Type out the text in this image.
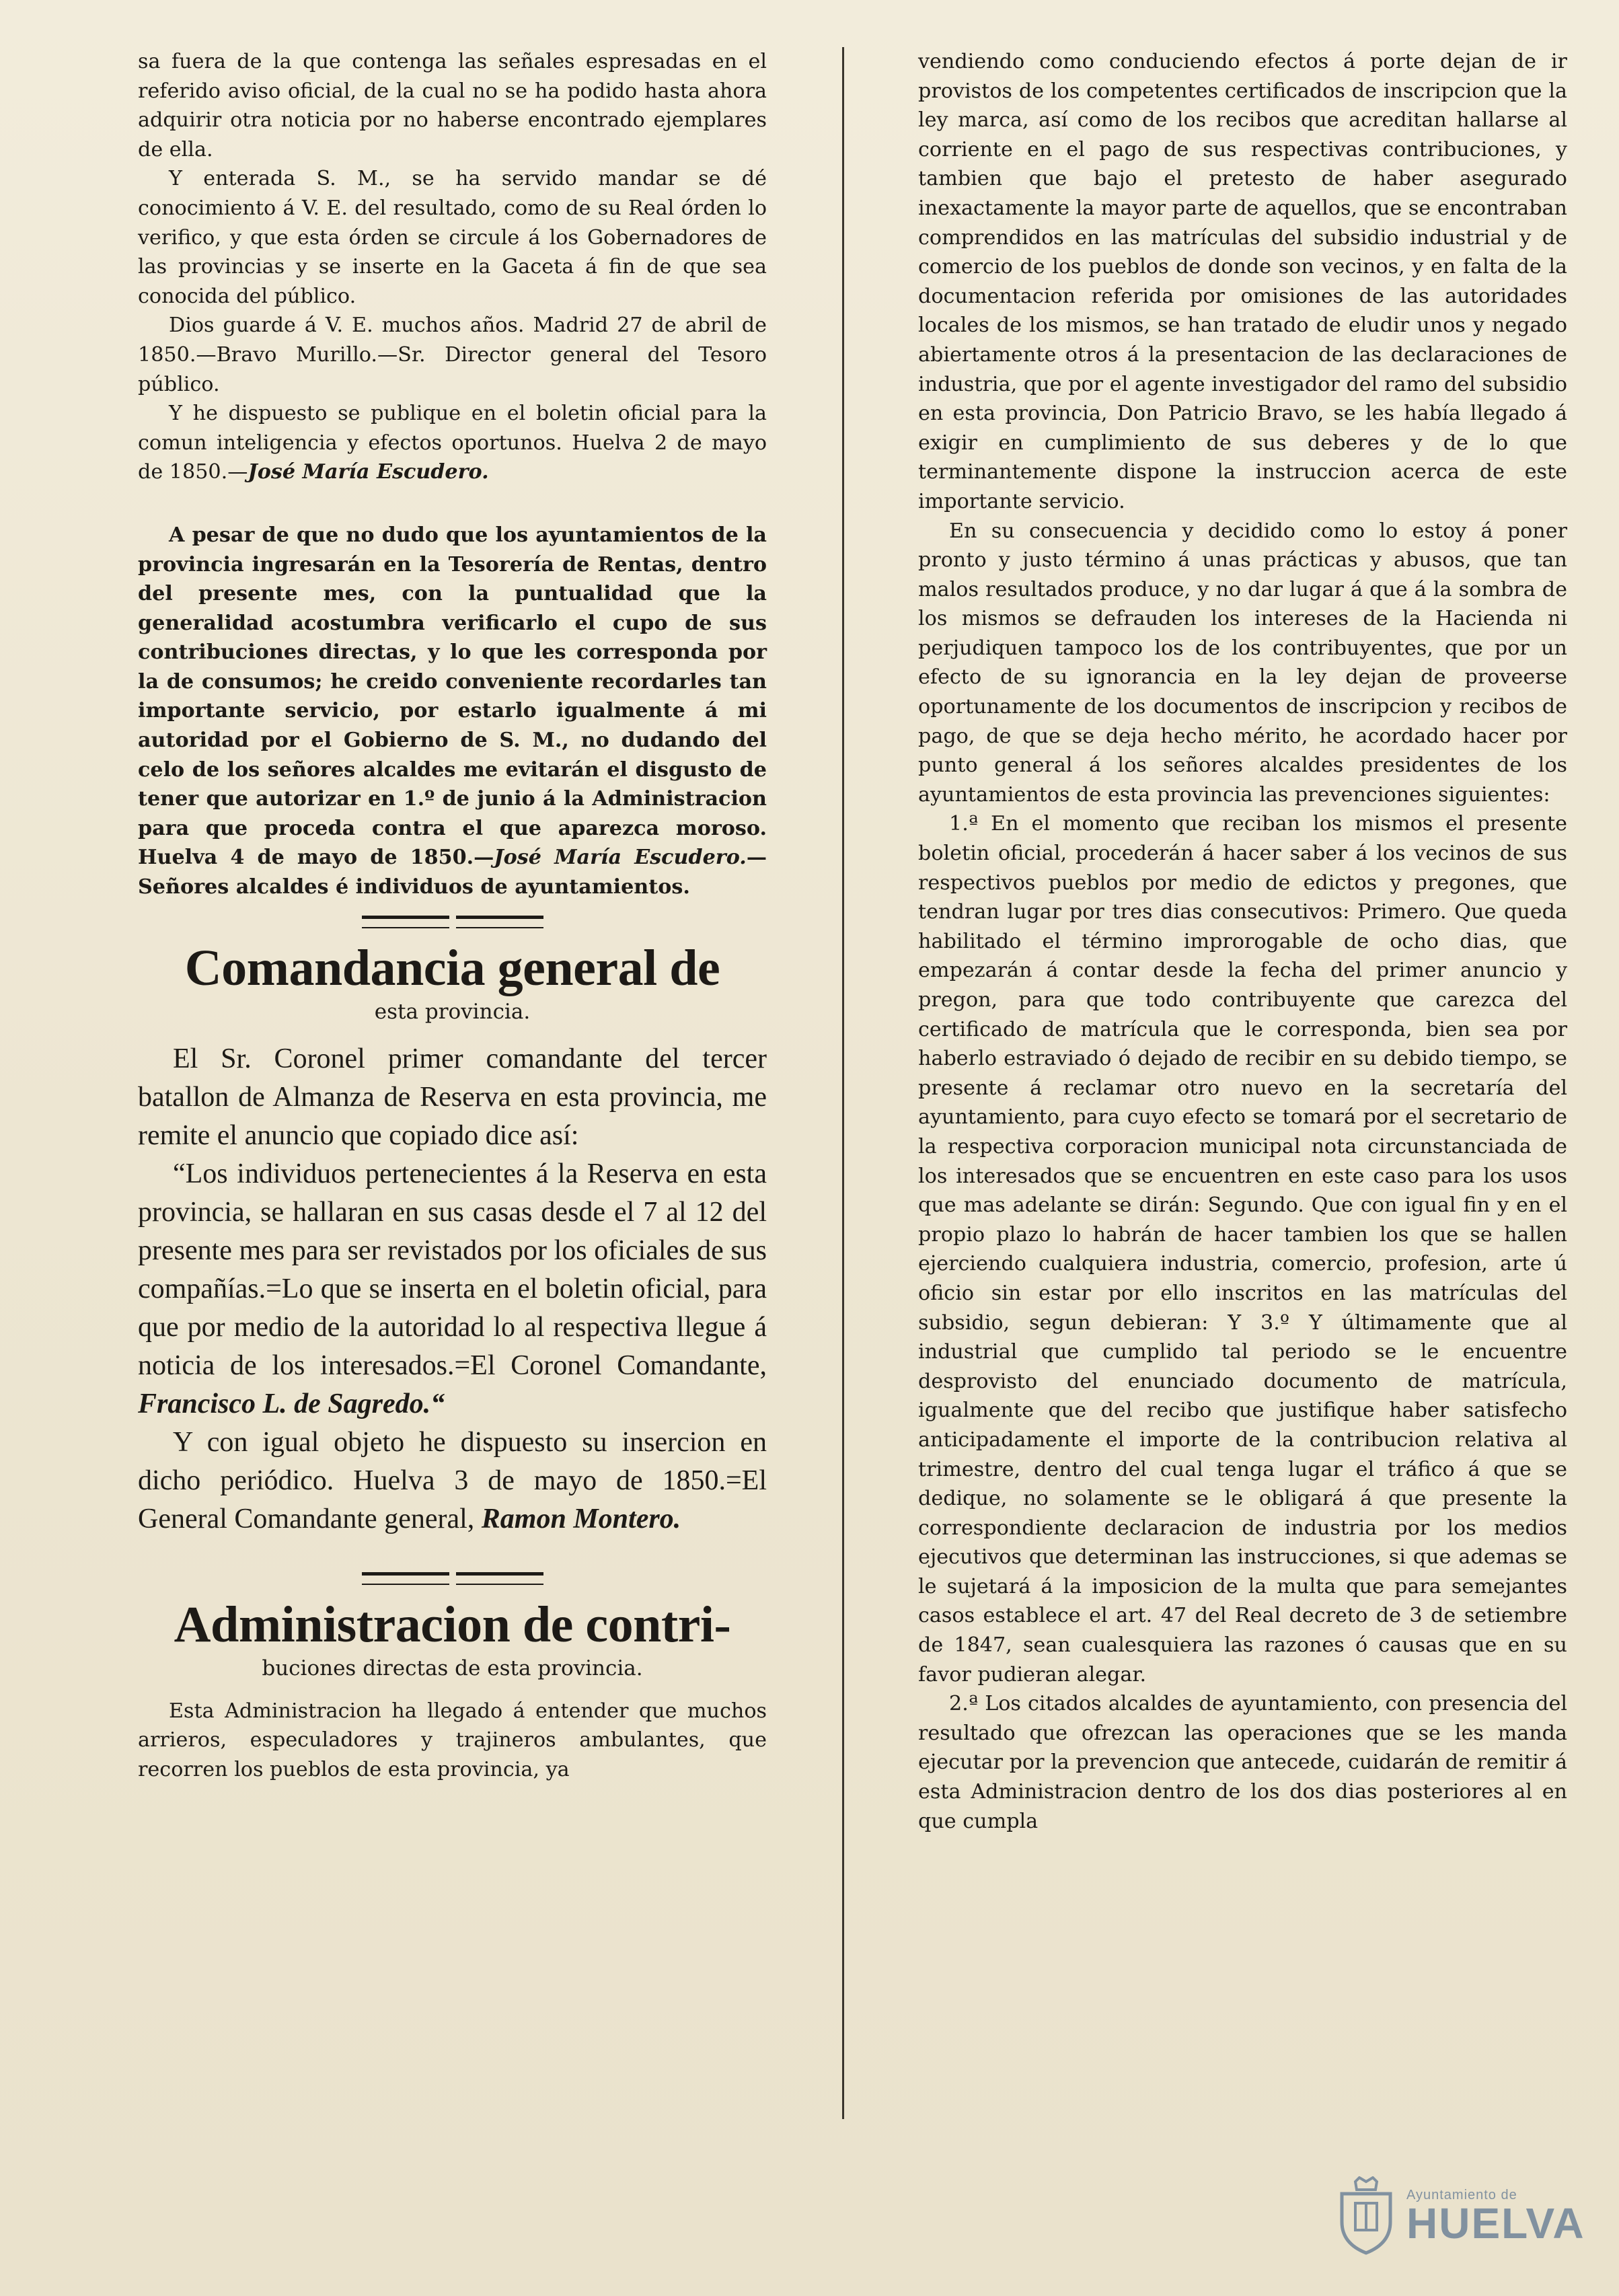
sa fuera de la que contenga las señales espresadas en el referido aviso oficial, de la cual no se ha podido hasta ahora adquirir otra noticia por no haberse encontrado ejemplares de ella.

Y enterada S. M., se ha servido mandar se dé conocimiento á V. E. del resultado, como de su Real órden lo verifico, y que esta órden se circule á los Gobernadores de las provincias y se inserte en la Gaceta á fin de que sea conocida del público.

Dios guarde á V. E. muchos años. Madrid 27 de abril de 1850.—Bravo Murillo.—Sr. Director general del Tesoro público.

Y he dispuesto se publique en el boletin oficial para la comun inteligencia y efectos oportunos. Huelva 2 de mayo de 1850.—José María Escudero.

A pesar de que no dudo que los ayuntamientos de la provincia ingresarán en la Tesorería de Rentas, dentro del presente mes, con la puntualidad que la generalidad acostumbra verificarlo el cupo de sus contribuciones directas, y lo que les corresponda por la de consumos; he creido conveniente recordarles tan importante servicio, por estarlo igualmente á mi autoridad por el Gobierno de S. M., no dudando del celo de los señores alcaldes me evitarán el disgusto de tener que autorizar en 1.º de junio á la Administracion para que proceda contra el que aparezca moroso. Huelva 4 de mayo de 1850.—José María Escudero.—Señores alcaldes é individuos de ayuntamientos.

Comandancia general de

esta provincia.

El Sr. Coronel primer comandante del tercer batallon de Almanza de Reserva en esta provincia, me remite el anuncio que copiado dice así:

“Los individuos pertenecientes á la Reserva en esta provincia, se hallaran en sus casas desde el 7 al 12 del presente mes para ser revistados por los oficiales de sus compañías.=Lo que se inserta en el boletin oficial, para que por medio de la autoridad lo al respectiva llegue á noticia de los interesados.=El Coronel Comandante, Francisco L. de Sagredo.“

Y con igual objeto he dispuesto su insercion en dicho periódico. Huelva 3 de mayo de 1850.=El General Comandante general, Ramon Montero.

Administracion de contri-

buciones directas de esta provincia.

Esta Administracion ha llegado á entender que muchos arrieros, especuladores y trajineros ambulantes, que recorren los pueblos de esta provincia, ya

vendiendo como conduciendo efectos á porte dejan de ir provistos de los competentes certificados de inscripcion que la ley marca, así como de los recibos que acreditan hallarse al corriente en el pago de sus respectivas contribuciones, y tambien que bajo el pretesto de haber asegurado inexactamente la mayor parte de aquellos, que se encontraban comprendidos en las matrículas del subsidio industrial y de comercio de los pueblos de donde son vecinos, y en falta de la documentacion referida por omisiones de las autoridades locales de los mismos, se han tratado de eludir unos y negado abiertamente otros á la presentacion de las declaraciones de industria, que por el agente investigador del ramo del subsidio en esta provincia, Don Patricio Bravo, se les había llegado á exigir en cumplimiento de sus deberes y de lo que terminantemente dispone la instruccion acerca de este importante servicio.

En su consecuencia y decidido como lo estoy á poner pronto y justo término á unas prácticas y abusos, que tan malos resultados produce, y no dar lugar á que á la sombra de los mismos se defrauden los intereses de la Hacienda ni perjudiquen tampoco los de los contribuyentes, que por un efecto de su ignorancia en la ley dejan de proveerse oportunamente de los documentos de inscripcion y recibos de pago, de que se deja hecho mérito, he acordado hacer por punto general á los señores alcaldes presidentes de los ayuntamientos de esta provincia las prevenciones siguientes:

1.ª En el momento que reciban los mismos el presente boletin oficial, procederán á hacer saber á los vecinos de sus respectivos pueblos por medio de edictos y pregones, que tendran lugar por tres dias consecutivos: Primero. Que queda habilitado el término improrogable de ocho dias, que empezarán á contar desde la fecha del primer anuncio y pregon, para que todo contribuyente que carezca del certificado de matrícula que le corresponda, bien sea por haberlo estraviado ó dejado de recibir en su debido tiempo, se presente á reclamar otro nuevo en la secretaría del ayuntamiento, para cuyo efecto se tomará por el secretario de la respectiva corporacion municipal nota circunstanciada de los interesados que se encuentren en este caso para los usos que mas adelante se dirán: Segundo. Que con igual fin y en el propio plazo lo habrán de hacer tambien los que se hallen ejerciendo cualquiera industria, comercio, profesion, arte ú oficio sin estar por ello inscritos en las matrículas del subsidio, segun debieran: Y 3.º Y últimamente que al industrial que cumplido tal periodo se le encuentre desprovisto del enunciado documento de matrícula, igualmente que del recibo que justifique haber satisfecho anticipadamente el importe de la contribucion relativa al trimestre, dentro del cual tenga lugar el tráfico á que se dedique, no solamente se le obligará á que presente la correspondiente declaracion de industria por los medios ejecutivos que determinan las instrucciones, si que ademas se le sujetará á la imposicion de la multa que para semejantes casos establece el art. 47 del Real decreto de 3 de setiembre de 1847, sean cualesquiera las razones ó causas que en su favor pudieran alegar.

2.ª Los citados alcaldes de ayuntamiento, con presencia del resultado que ofrezcan las operaciones que se les manda ejecutar por la prevencion que antecede, cuidarán de remitir á esta Administracion dentro de los dos dias posteriores al en que cumpla

Ayuntamiento de
HUELVA
